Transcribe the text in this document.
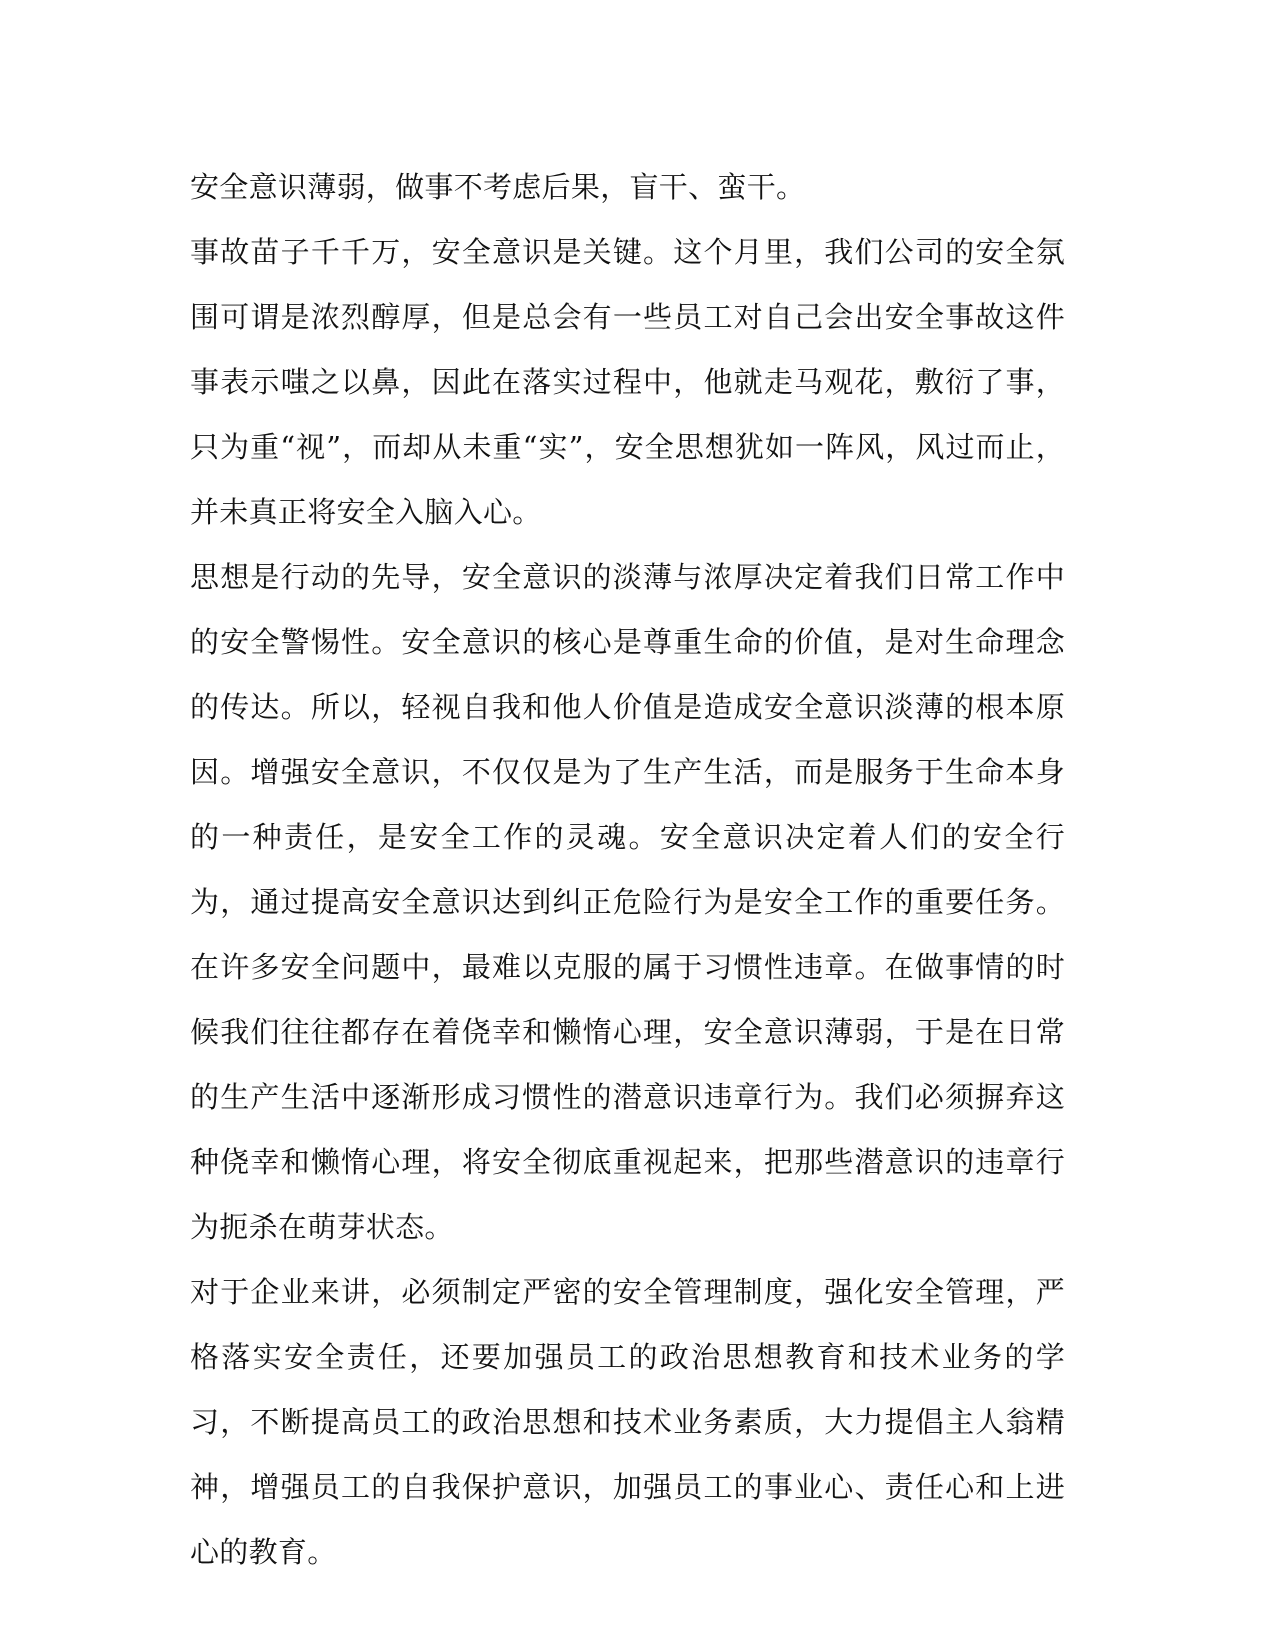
安全意识薄弱，做事不考虑后果，盲干、蛮干。

事故苗子千千万，安全意识是关键。这个月里，我们公司的安全氛围可谓是浓烈醇厚，但是总会有一些员工对自己会出安全事故这件事表示嗤之以鼻，因此在落实过程中，他就走马观花，敷衍了事，只为重“视”，而却从未重“实”，安全思想犹如一阵风，风过而止，并未真正将安全入脑入心。

思想是行动的先导，安全意识的淡薄与浓厚决定着我们日常工作中的安全警惕性。安全意识的核心是尊重生命的价值，是对生命理念的传达。所以，轻视自我和他人价值是造成安全意识淡薄的根本原因。增强安全意识，不仅仅是为了生产生活，而是服务于生命本身的一种责任，是安全工作的灵魂。安全意识决定着人们的安全行为，通过提高安全意识达到纠正危险行为是安全工作的重要任务。在许多安全问题中，最难以克服的属于习惯性违章。在做事情的时候我们往往都存在着侥幸和懒惰心理，安全意识薄弱，于是在日常的生产生活中逐渐形成习惯性的潜意识违章行为。我们必须摒弃这种侥幸和懒惰心理，将安全彻底重视起来，把那些潜意识的违章行为扼杀在萌芽状态。

对于企业来讲，必须制定严密的安全管理制度，强化安全管理，严格落实安全责任，还要加强员工的政治思想教育和技术业务的学习，不断提高员工的政治思想和技术业务素质，大力提倡主人翁精神，增强员工的自我保护意识，加强员工的事业心、责任心和上进心的教育。
